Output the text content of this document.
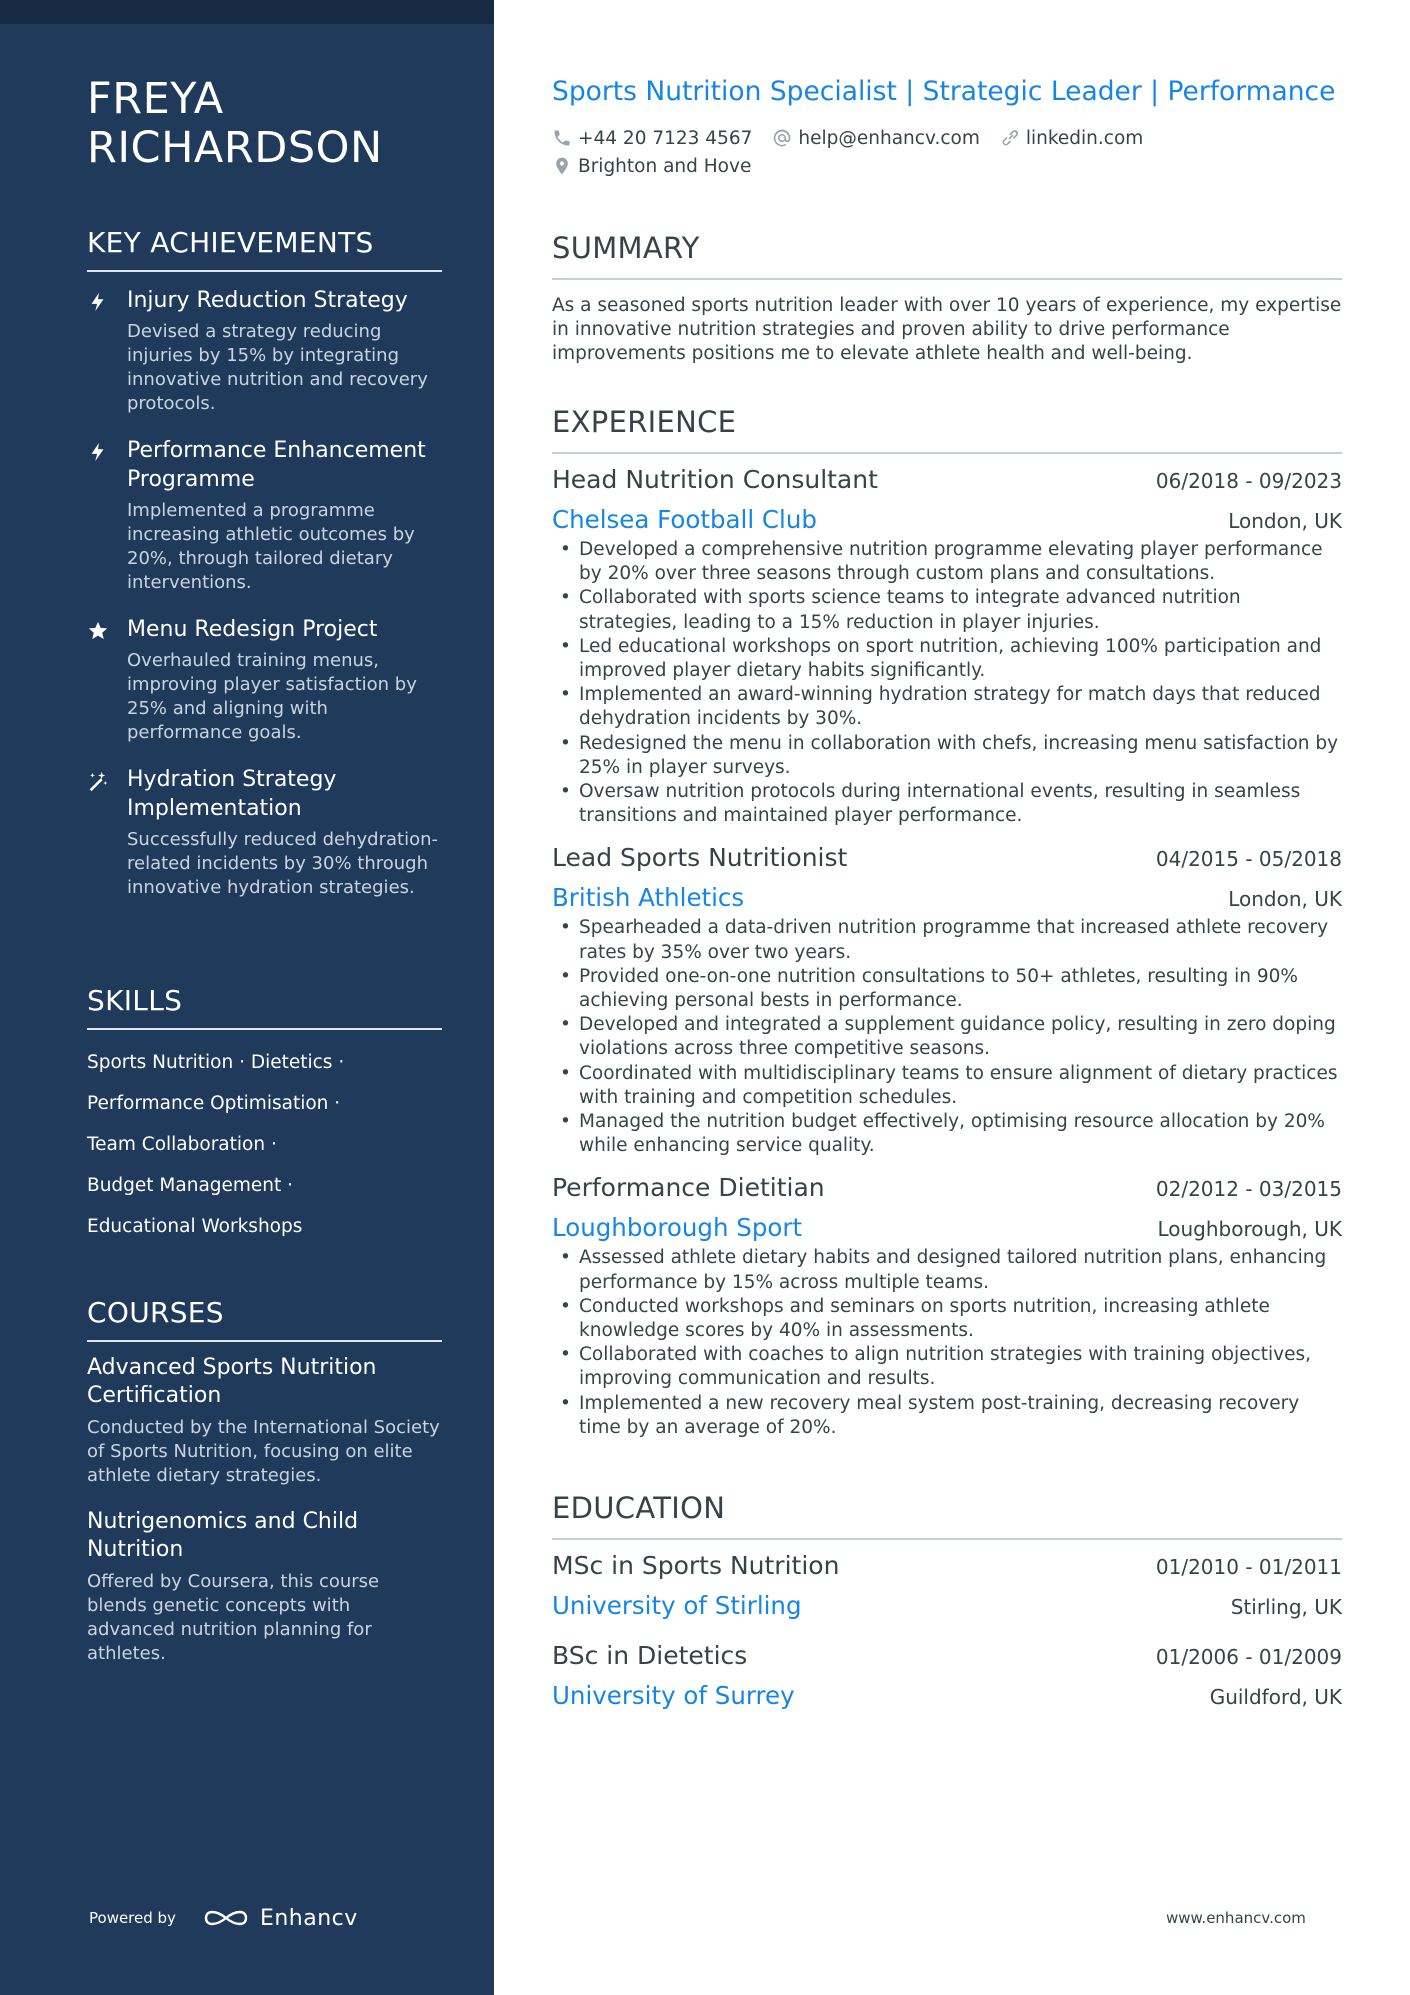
FREYA RICHARDSON
KEY ACHIEVEMENTS
Injury Reduction Strategy
Devised a strategy reducing injuries by 15% by integrating innovative nutrition and recovery protocols.
Performance Enhancement Programme
Implemented a programme increasing athletic outcomes by 20%, through tailored dietary interventions.
Menu Redesign Project
Overhauled training menus, improving player satisfaction by 25% and aligning with performance goals.
Hydration Strategy Implementation
Successfully reduced dehydration-related incidents by 30% through innovative hydration strategies.
SKILLS
Sports Nutrition · Dietetics ·
Performance Optimisation ·
Team Collaboration ·
Budget Management ·
Educational Workshops
COURSES
Advanced Sports Nutrition Certification
Conducted by the International Society of Sports Nutrition, focusing on elite athlete dietary strategies.
Nutrigenomics and Child Nutrition
Offered by Coursera, this course blends genetic concepts with advanced nutrition planning for athletes.
Powered by	Enhancv
Sports Nutrition Specialist | Strategic Leader | Performance
+44 20 7123 4567 help@enhancv.com linkedin.com
Brighton and Hove
SUMMARY
As a seasoned sports nutrition leader with over 10 years of experience, my expertise in innovative nutrition strategies and proven ability to drive performance improvements positions me to elevate athlete health and well-being.
EXPERIENCE
Head Nutrition Consultant	06/2018 - 09/2023
Chelsea Football Club	London, UK
• Developed a comprehensive nutrition programme elevating player performance by 20% over three seasons through custom plans and consultations.
• Collaborated with sports science teams to integrate advanced nutrition strategies, leading to a 15% reduction in player injuries.
• Led educational workshops on sport nutrition, achieving 100% participation and improved player dietary habits significantly.
• Implemented an award-winning hydration strategy for match days that reduced dehydration incidents by 30%.
• Redesigned the menu in collaboration with chefs, increasing menu satisfaction by 25% in player surveys.
• Oversaw nutrition protocols during international events, resulting in seamless transitions and maintained player performance.
Lead Sports Nutritionist	04/2015 - 05/2018
British Athletics	London, UK
• Spearheaded a data-driven nutrition programme that increased athlete recovery rates by 35% over two years.
• Provided one-on-one nutrition consultations to 50+ athletes, resulting in 90% achieving personal bests in performance.
• Developed and integrated a supplement guidance policy, resulting in zero doping violations across three competitive seasons.
• Coordinated with multidisciplinary teams to ensure alignment of dietary practices with training and competition schedules.
• Managed the nutrition budget effectively, optimising resource allocation by 20% while enhancing service quality.
Performance Dietitian	02/2012 - 03/2015
Loughborough Sport	Loughborough, UK
• Assessed athlete dietary habits and designed tailored nutrition plans, enhancing performance by 15% across multiple teams.
• Conducted workshops and seminars on sports nutrition, increasing athlete knowledge scores by 40% in assessments.
• Collaborated with coaches to align nutrition strategies with training objectives, improving communication and results.
• Implemented a new recovery meal system post-training, decreasing recovery time by an average of 20%.
EDUCATION
MSc in Sports Nutrition	01/2010 - 01/2011
University of Stirling	Stirling, UK
BSc in Dietetics	01/2006 - 01/2009
University of Surrey	Guildford, UK
www.enhancv.com
